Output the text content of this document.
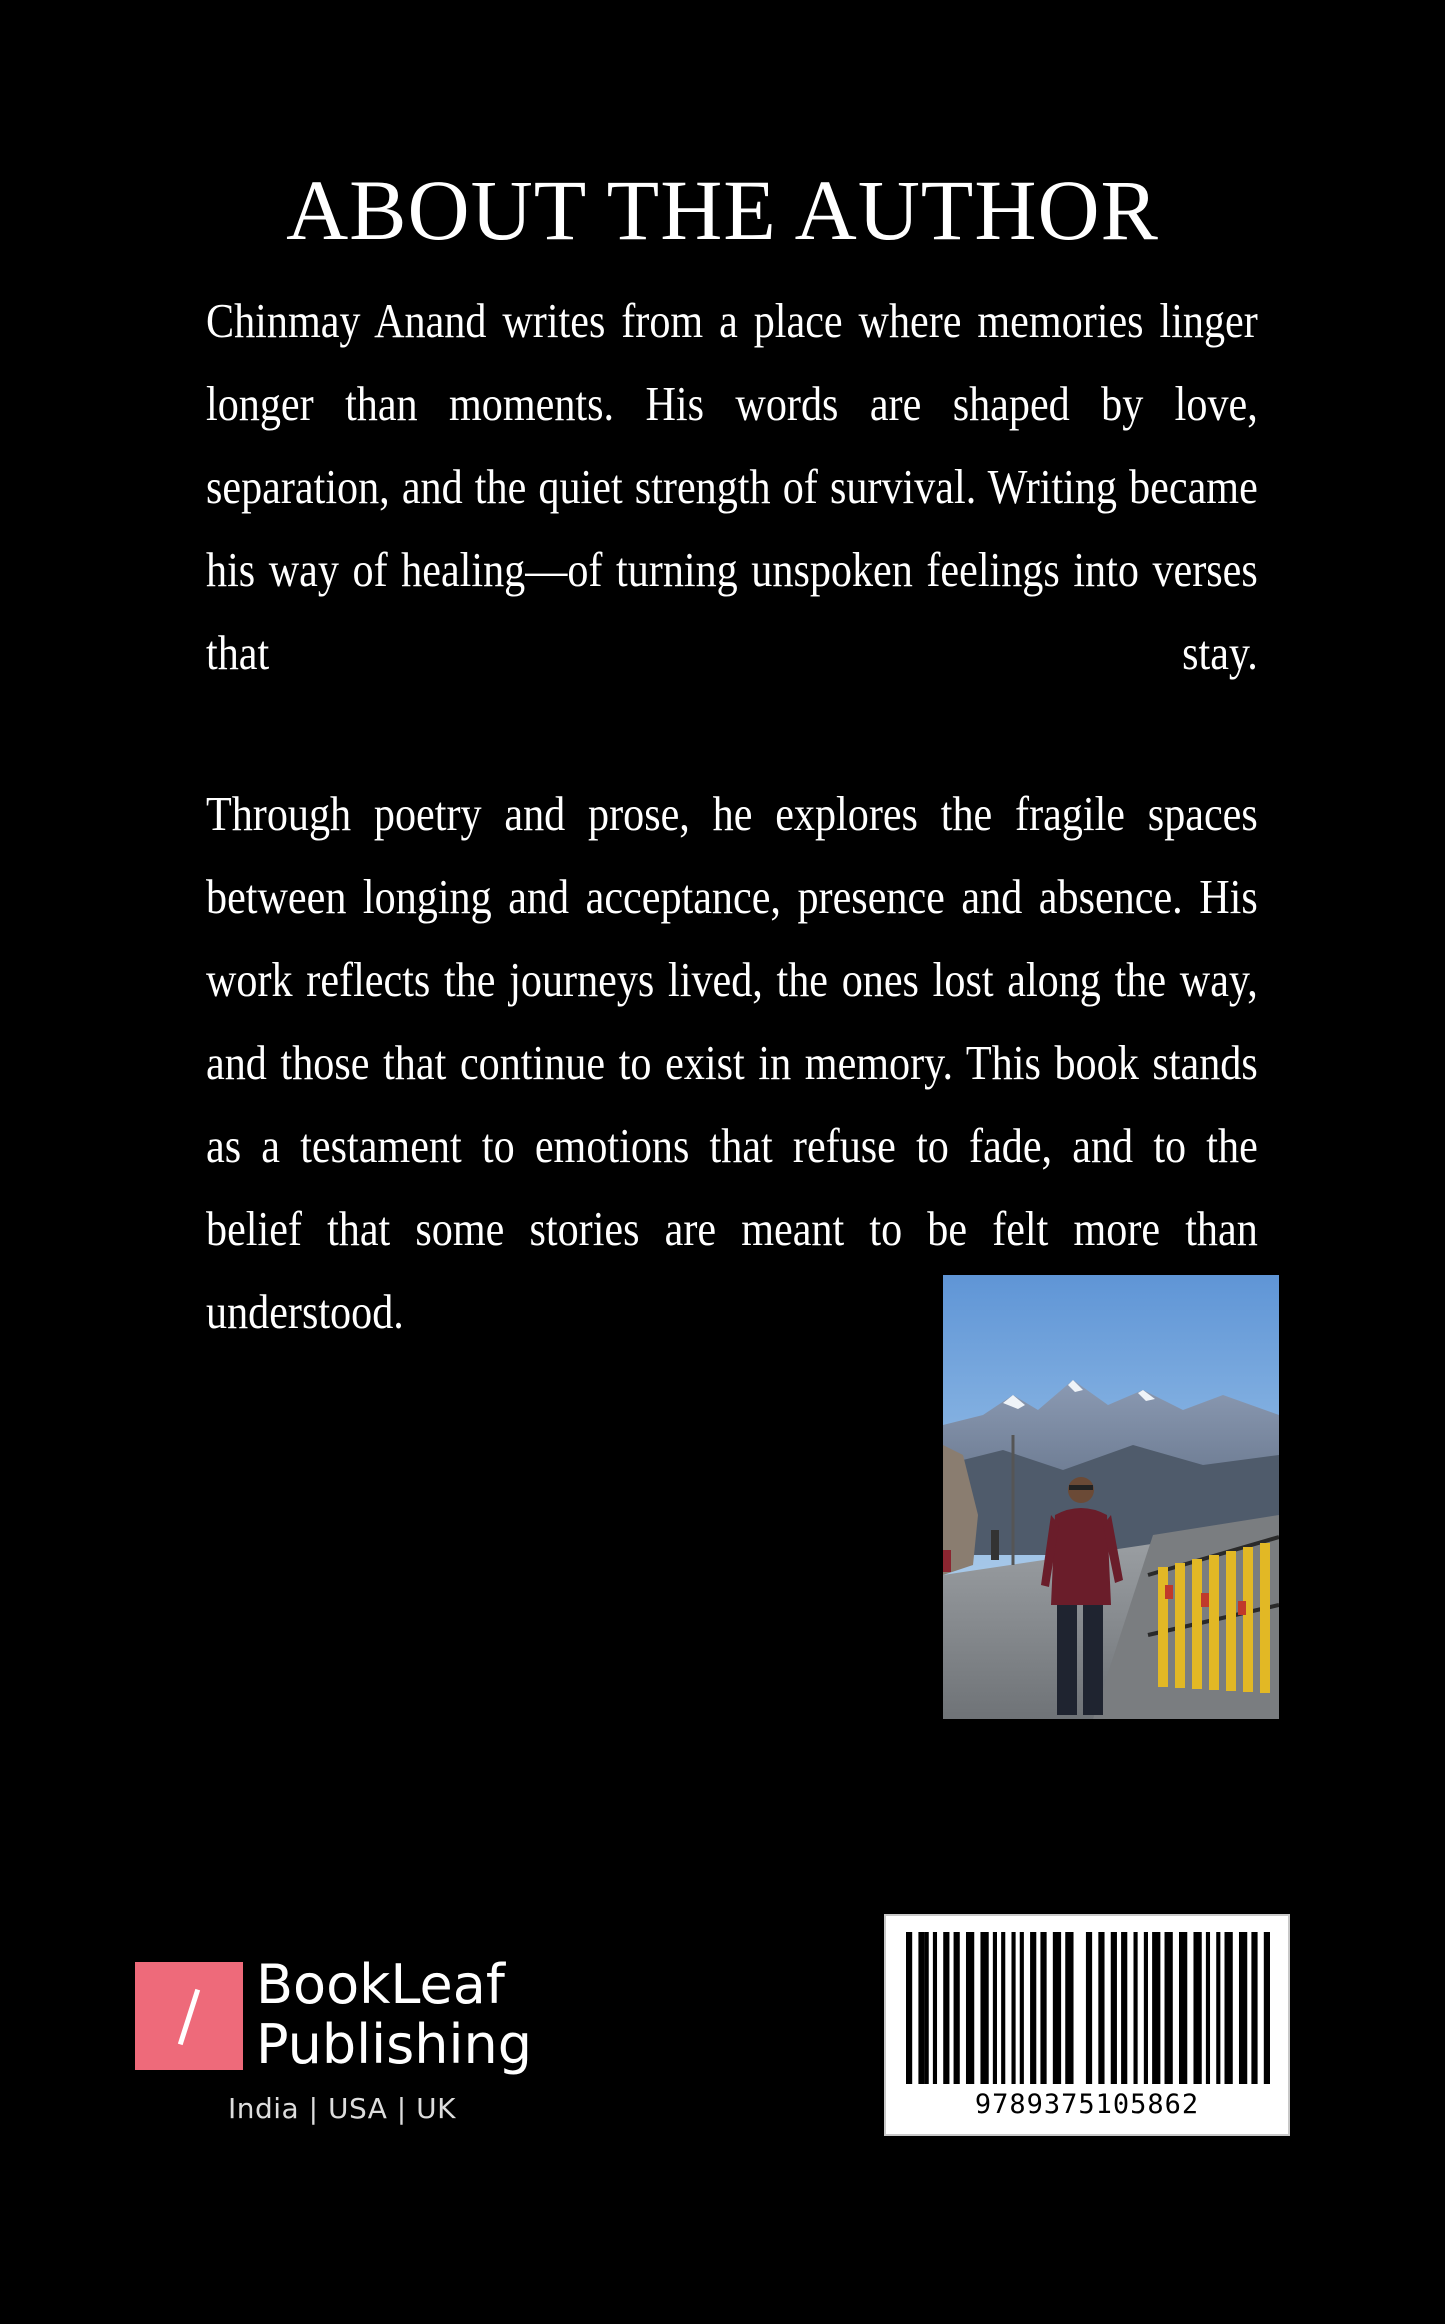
ABOUT THE AUTHOR

Chinmay Anand writes from a place where memories linger longer than moments. His words are shaped by love, separation, and the quiet strength of survival. Writing became his way of healing—of turning unspoken feelings into verses that stay.

Through poetry and prose, he explores the fragile spaces between longing and acceptance, presence and absence. His work reflects the journeys lived, the ones lost along the way, and those that continue to exist in memory. This book stands as a testament to emotions that refuse to fade, and to the belief that some stories are meant to be felt more than understood.

BookLeaf
Publishing
India | USA | UK	9789375105862
